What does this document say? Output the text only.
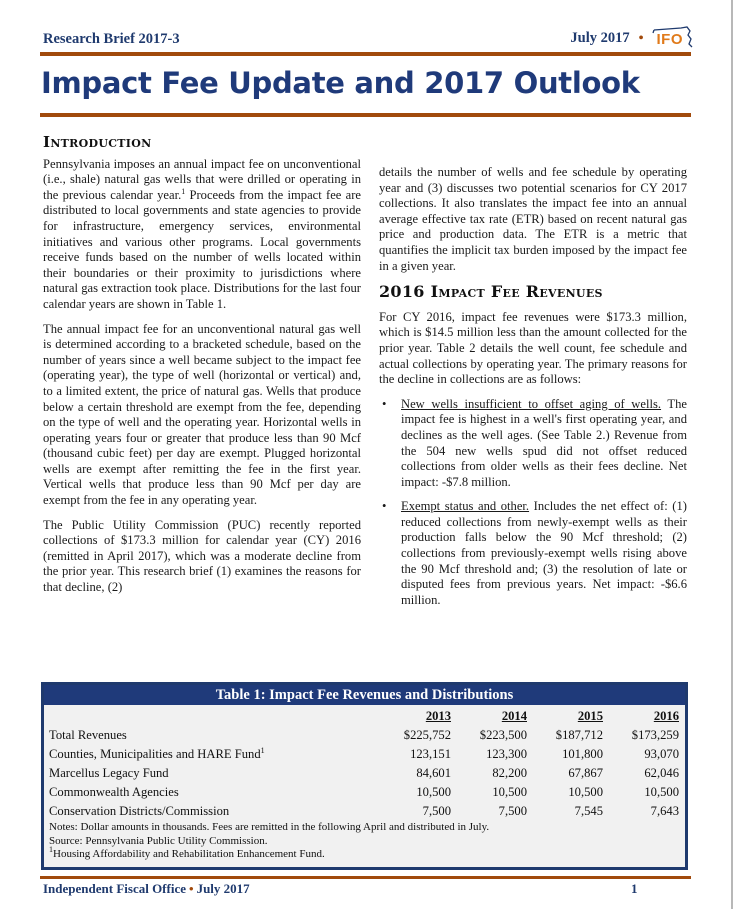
Research Brief 2017-3	July 2017 • IFO
Impact Fee Update and 2017 Outlook
Introduction

Pennsylvania imposes an annual impact fee on unconventional (i.e., shale) natural gas wells that were drilled or operating in the previous calendar year.$^1$ Proceeds from the impact fee are distributed to local governments and state agencies to provide for infrastructure, emergency services, environmental initiatives and various other programs. Local governments receive funds based on the number of wells located within their boundaries or their proximity to jurisdictions where natural gas extraction took place. Distributions for the last four calendar years are shown in Table 1.

The annual impact fee for an unconventional natural gas well is determined according to a bracketed schedule, based on the number of years since a well became subject to the impact fee (operating year), the type of well (horizontal or vertical) and, to a limited extent, the price of natural gas. Wells that produce below a certain threshold are exempt from the fee, depending on the type of well and the operating year. Horizontal wells in operating years four or greater that produce less than 90 Mcf (thousand cubic feet) per day are exempt. Plugged horizontal wells are exempt after remitting the fee in the first year. Vertical wells that produce less than 90 Mcf per day are exempt from the fee in any operating year.

The Public Utility Commission (PUC) recently reported collections of $173.3 million for calendar year (CY) 2016 (remitted in April 2017), which was a moderate decline from the prior year. This research brief (1) examines the reasons for that decline, (2)

details the number of wells and fee schedule by operating year and (3) discusses two potential scenarios for CY 2017 collections. It also translates the impact fee into an annual average effective tax rate (ETR) based on recent natural gas price and production data. The ETR is a metric that quantifies the implicit tax burden imposed by the impact fee in a given year.

2016 Impact Fee Revenues

For CY 2016, impact fee revenues were $173.3 million, which is $14.5 million less than the amount collected for the prior year. Table 2 details the well count, fee schedule and actual collections by operating year. The primary reasons for the decline in collections are as follows:

• New wells insufficient to offset aging of wells. The impact fee is highest in a well's first operating year, and declines as the well ages. (See Table 2.) Revenue from the 504 new wells spud did not offset reduced collections from older wells as their fees decline. Net impact: -$7.8 million.
• Exempt status and other. Includes the net effect of: (1) reduced collections from newly-exempt wells as their production falls below the 90 Mcf threshold; (2) collections from previously-exempt wells rising above the 90 Mcf threshold and; (3) the resolution of late or disputed fees from previous years. Net impact: -$6.6 million.
Table 1: Impact Fee Revenues and Distributions
	2013	2014	2015	2016
Total Revenues	$225,752	$223,500	$187,712	$173,259
Counties, Municipalities and HARE Fund$^1$	123,151	123,300	101,800	93,070
Marcellus Legacy Fund	84,601	82,200	67,867	62,046
Commonwealth Agencies	10,500	10,500	10,500	10,500
Conservation Districts/Commission	7,500	7,500	7,545	7,643
Notes: Dollar amounts in thousands. Fees are remitted in the following April and distributed in July.
Source: Pennsylvania Public Utility Commission.
$^1$Housing Affordability and Rehabilitation Enhancement Fund.
Independent Fiscal Office • July 2017	1
